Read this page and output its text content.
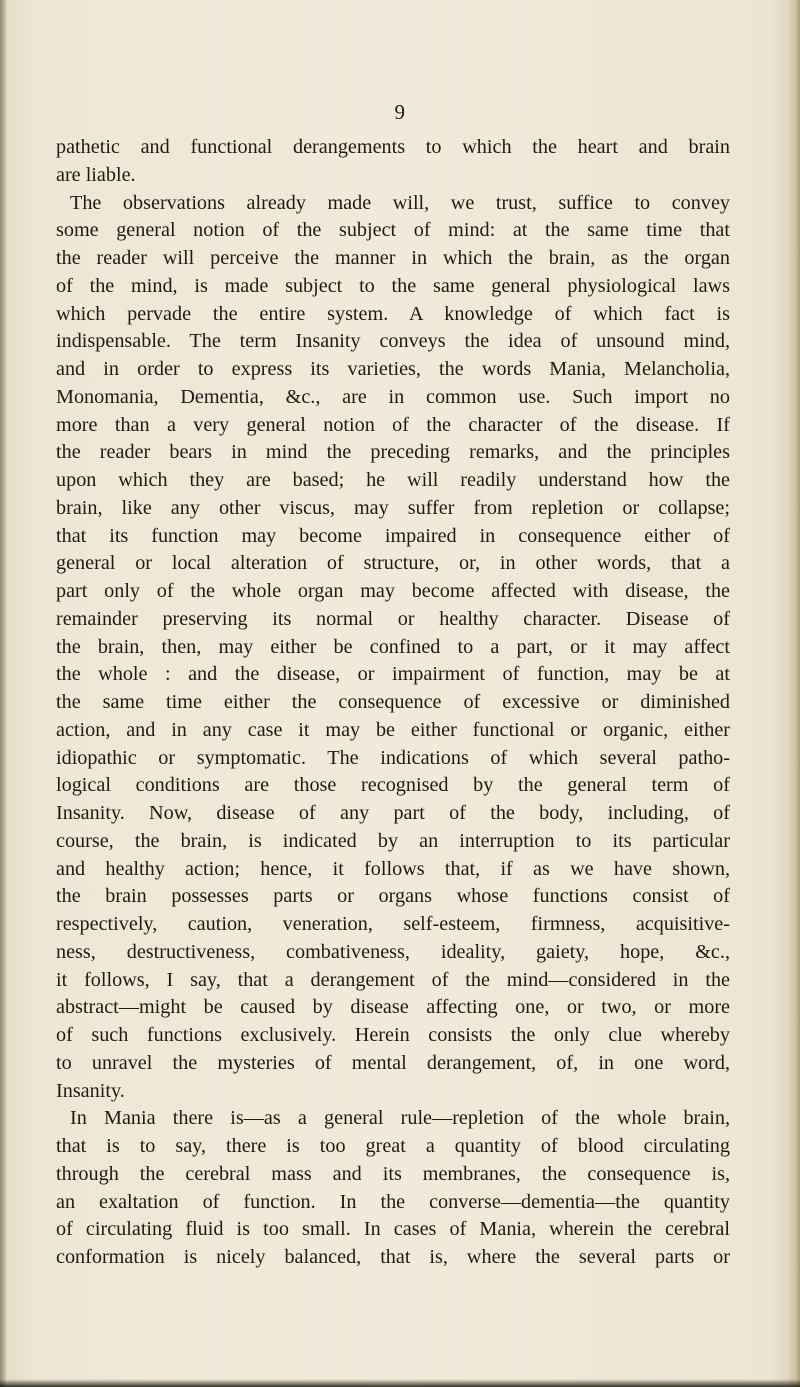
9
pathetic and functional derangements to which the heart and brain
are liable.
The observations already made will, we trust, suffice to convey
some general notion of the subject of mind: at the same time that
the reader will perceive the manner in which the brain, as the organ
of the mind, is made subject to the same general physiological laws
which pervade the entire system. A knowledge of which fact is
indispensable. The term Insanity conveys the idea of unsound mind,
and in order to express its varieties, the words Mania, Melancholia,
Monomania, Dementia, &c., are in common use. Such import no
more than a very general notion of the character of the disease. If
the reader bears in mind the preceding remarks, and the principles
upon which they are based; he will readily understand how the
brain, like any other viscus, may suffer from repletion or collapse;
that its function may become impaired in consequence either of
general or local alteration of structure, or, in other words, that a
part only of the whole organ may become affected with disease, the
remainder preserving its normal or healthy character. Disease of
the brain, then, may either be confined to a part, or it may affect
the whole : and the disease, or impairment of function, may be at
the same time either the consequence of excessive or diminished
action, and in any case it may be either functional or organic, either
idiopathic or symptomatic. The indications of which several patho-
logical conditions are those recognised by the general term of
Insanity. Now, disease of any part of the body, including, of
course, the brain, is indicated by an interruption to its particular
and healthy action; hence, it follows that, if as we have shown,
the brain possesses parts or organs whose functions consist of
respectively, caution, veneration, self-esteem, firmness, acquisitive-
ness, destructiveness, combativeness, ideality, gaiety, hope, &c.,
it follows, I say, that a derangement of the mind—considered in the
abstract—might be caused by disease affecting one, or two, or more
of such functions exclusively. Herein consists the only clue whereby
to unravel the mysteries of mental derangement, of, in one word,
Insanity.
In Mania there is—as a general rule—repletion of the whole brain,
that is to say, there is too great a quantity of blood circulating
through the cerebral mass and its membranes, the consequence is,
an exaltation of function. In the converse—dementia—the quantity
of circulating fluid is too small. In cases of Mania, wherein the cerebral
conformation is nicely balanced, that is, where the several parts or
